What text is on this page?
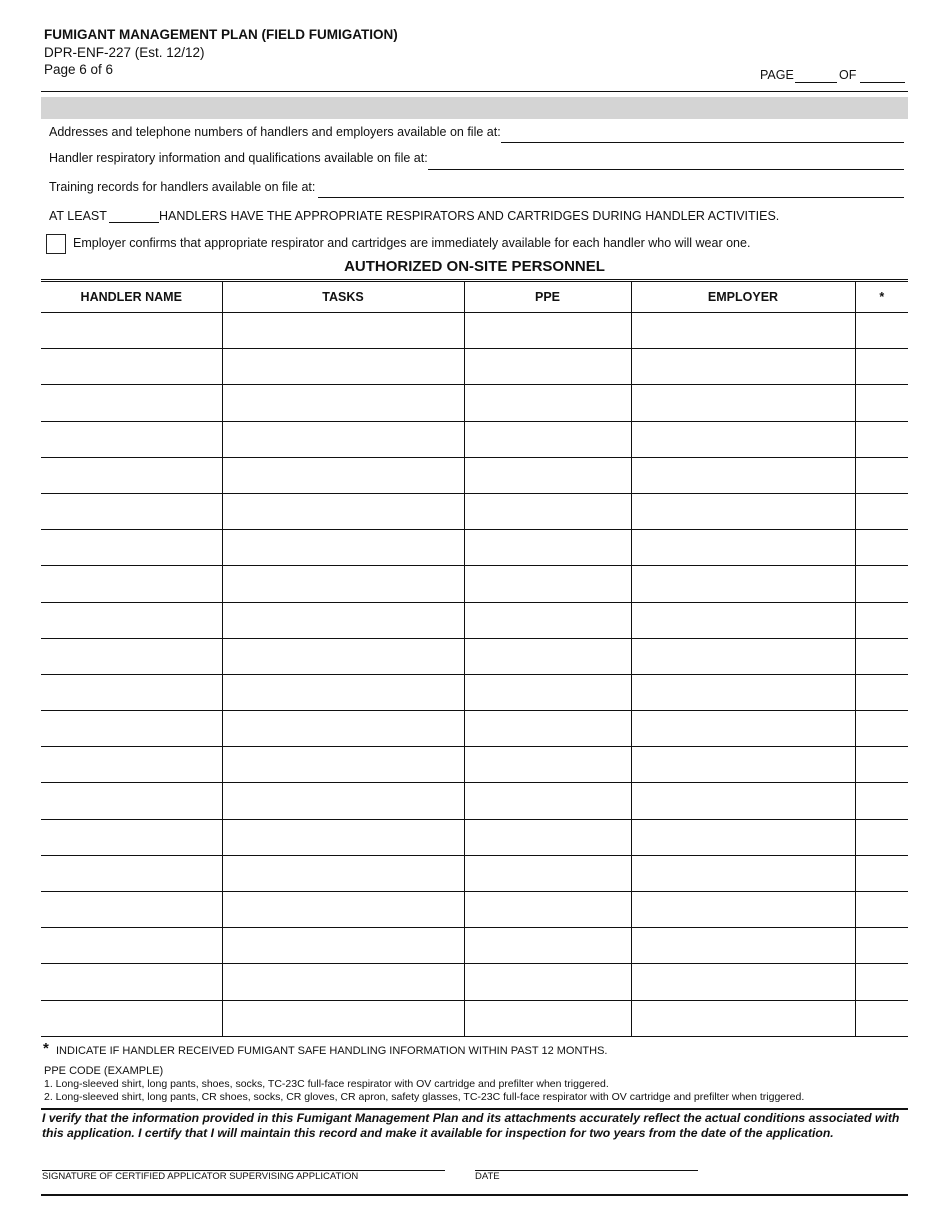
FUMIGANT MANAGEMENT PLAN (FIELD FUMIGATION)
DPR-ENF-227 (Est. 12/12)
Page 6 of 6	PAGE	OF
Addresses and telephone numbers of handlers and employers available on file at:
Handler respiratory information and qualifications available on file at:
Training records for handlers available on file at:
AT LEAST	HANDLERS HAVE THE APPROPRIATE RESPIRATORS AND CARTRIDGES DURING HANDLER ACTIVITIES.
Employer confirms that appropriate respirator and cartridges are immediately available for each handler who will wear one.
AUTHORIZED ON-SITE PERSONNEL
HANDLER NAME	TASKS	PPE	EMPLOYER	*

* INDICATE IF HANDLER RECEIVED FUMIGANT SAFE HANDLING INFORMATION WITHIN PAST 12 MONTHS.
PPE CODE (EXAMPLE)
1. Long-sleeved shirt, long pants, shoes, socks, TC-23C full-face respirator with OV cartridge and prefilter when triggered.
2. Long-sleeved shirt, long pants, CR shoes, socks, CR gloves, CR apron, safety glasses, TC-23C full-face respirator with OV cartridge and prefilter when triggered.
I verify that the information provided in this Fumigant Management Plan and its attachments accurately reflect the actual conditions associated with this application. I certify that I will maintain this record and make it available for inspection for two years from the date of the application.
SIGNATURE OF CERTIFIED APPLICATOR SUPERVISING APPLICATION	DATE
